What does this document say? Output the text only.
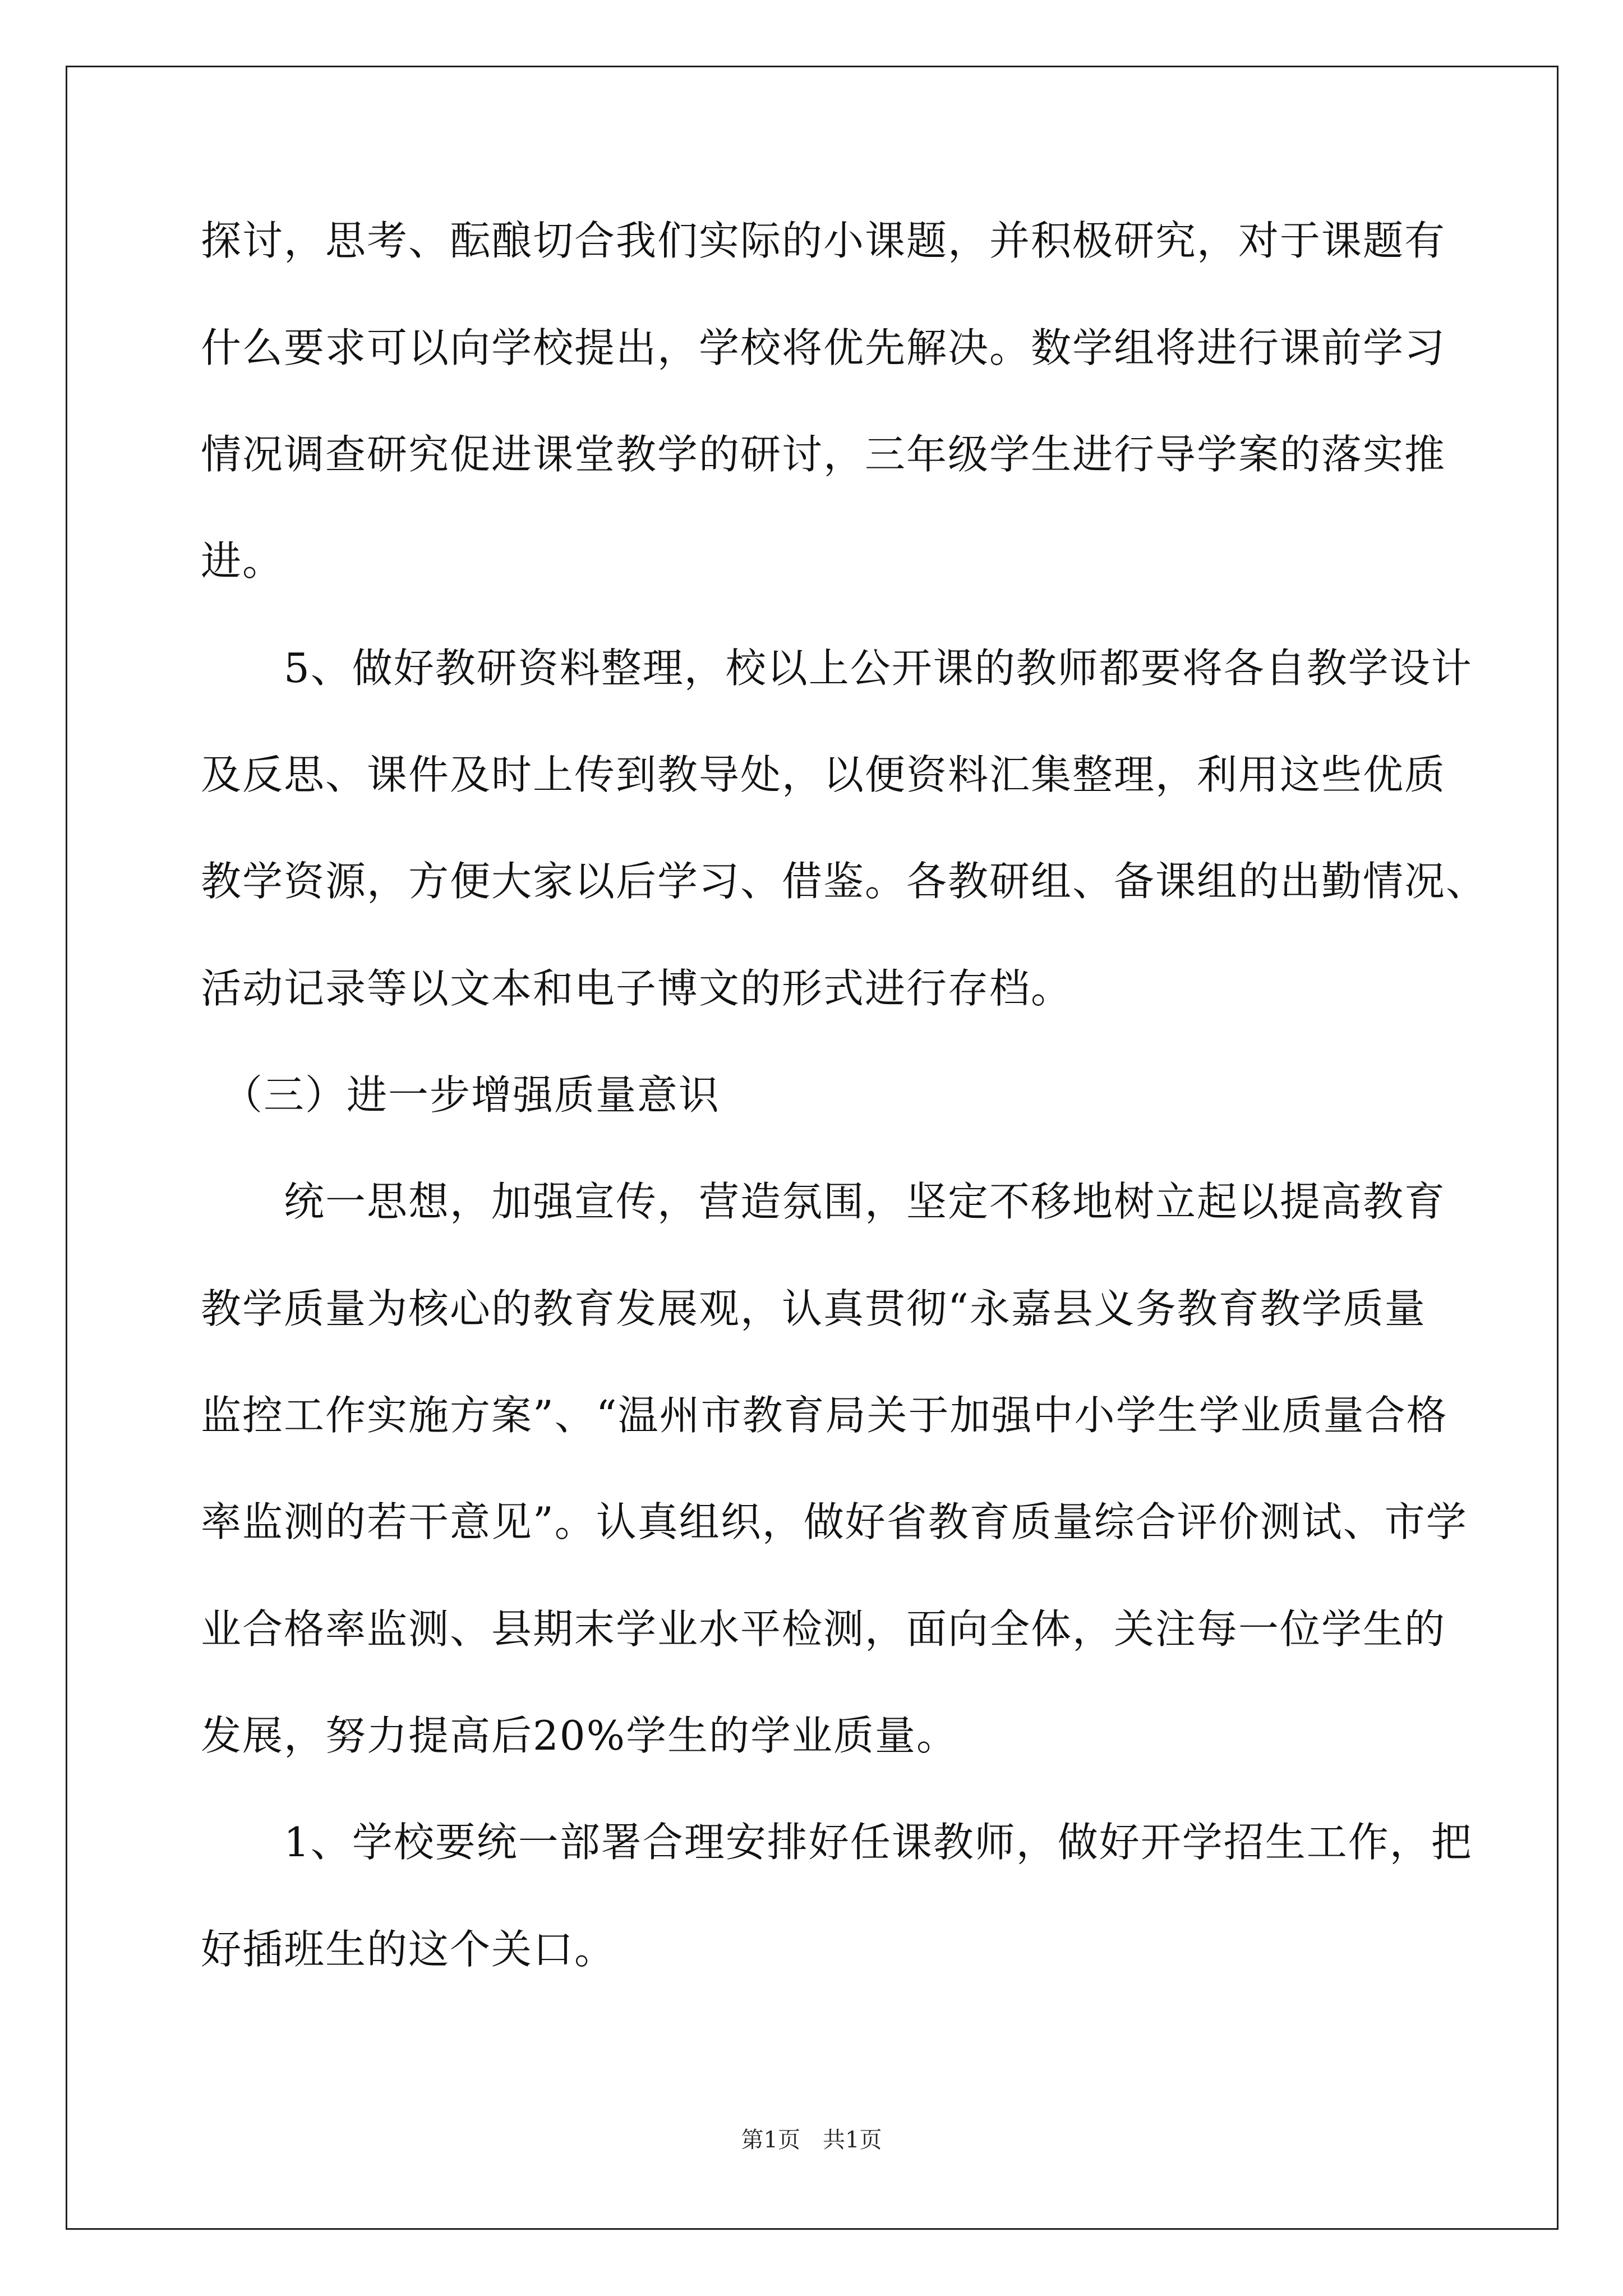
探讨，思考、酝酿切合我们实际的小课题，并积极研究，对于课题有
什么要求可以向学校提出，学校将优先解决。数学组将进行课前学习
情况调查研究促进课堂教学的研讨，三年级学生进行导学案的落实推
进。
　　5、做好教研资料整理，校以上公开课的教师都要将各自教学设计
及反思、课件及时上传到教导处，以便资料汇集整理，利用这些优质
教学资源，方便大家以后学习、借鉴。各教研组、备课组的出勤情况、
活动记录等以文本和电子博文的形式进行存档。
　（三）进一步增强质量意识
　　统一思想，加强宣传，营造氛围，坚定不移地树立起以提高教育
教学质量为核心的教育发展观，认真贯彻“永嘉县义务教育教学质量
监控工作实施方案”、“温州市教育局关于加强中小学生学业质量合格
率监测的若干意见”。认真组织，做好省教育质量综合评价测试、市学
业合格率监测、县期末学业水平检测，面向全体，关注每一位学生的
发展，努力提高后20%学生的学业质量。
　　1、学校要统一部署合理安排好任课教师，做好开学招生工作，把
好插班生的这个关口。
第1页　共1页
